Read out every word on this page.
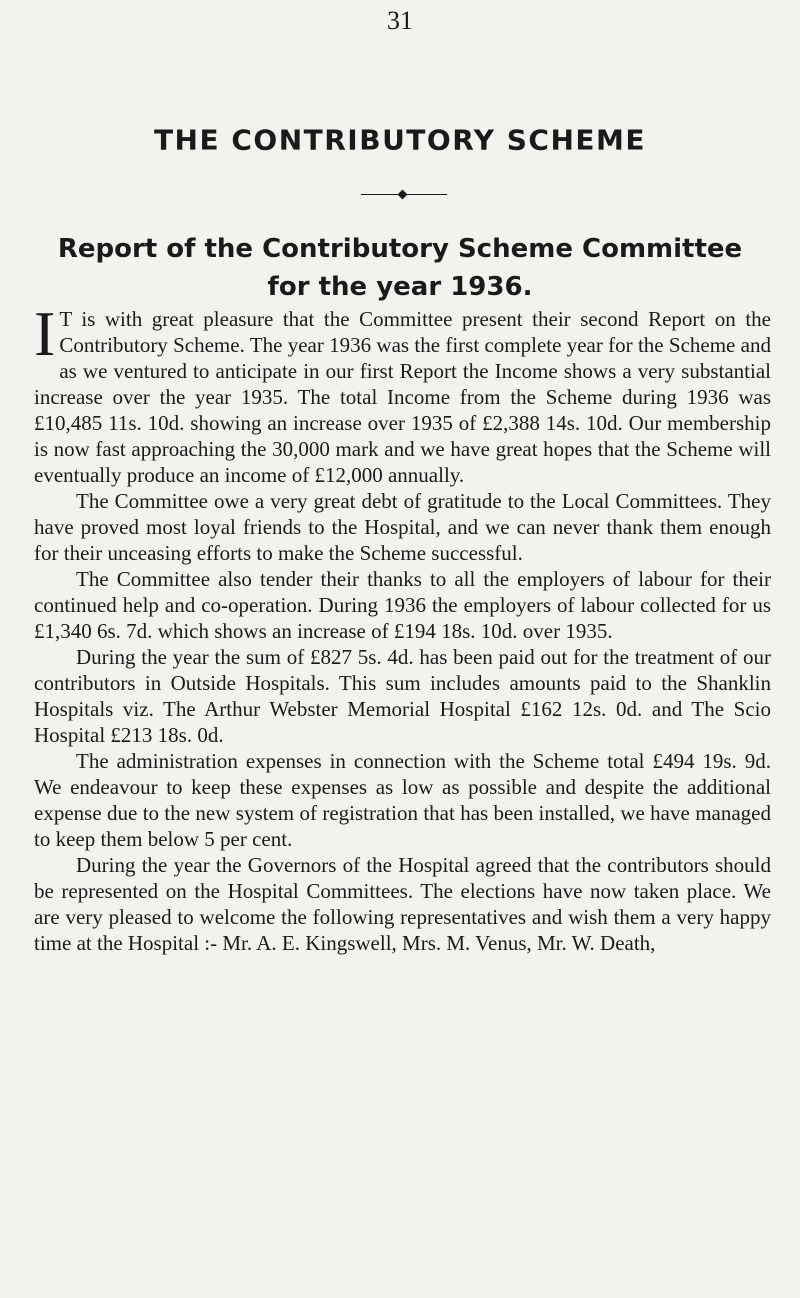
31
THE CONTRIBUTORY SCHEME
Report of the Contributory Scheme Committee for the year 1936.

I T is with great pleasure that the Committee present their second Report on the Contributory Scheme. The year 1936 was the first complete year for the Scheme and as we ventured to anticipate in our first Report the Income shows a very substantial increase over the year 1935. The total Income from the Scheme during 1936 was £10,485 11s. 10d. showing an increase over 1935 of £2,388 14s. 10d. Our membership is now fast approaching the 30,000 mark and we have great hopes that the Scheme will eventually produce an income of £12,000 annually.

The Committee owe a very great debt of gratitude to the Local Committees. They have proved most loyal friends to the Hospital, and we can never thank them enough for their unceasing efforts to make the Scheme successful.

The Committee also tender their thanks to all the employers of labour for their continued help and co-operation. During 1936 the employers of labour collected for us £1,340 6s. 7d. which shows an increase of £194 18s. 10d. over 1935.

During the year the sum of £827 5s. 4d. has been paid out for the treatment of our contributors in Outside Hospitals. This sum includes amounts paid to the Shanklin Hospitals viz. The Arthur Webster Memorial Hospital £162 12s. 0d. and The Scio Hospital £213 18s. 0d.

The administration expenses in connection with the Scheme total £494 19s. 9d. We endeavour to keep these expenses as low as possible and despite the additional expense due to the new system of registration that has been installed, we have managed to keep them below 5 per cent.

During the year the Governors of the Hospital agreed that the contributors should be represented on the Hospital Committees. The elections have now taken place. We are very pleased to welcome the following representatives and wish them a very happy time at the Hospital :- Mr. A. E. Kingswell, Mrs. M. Venus, Mr. W. Death,
